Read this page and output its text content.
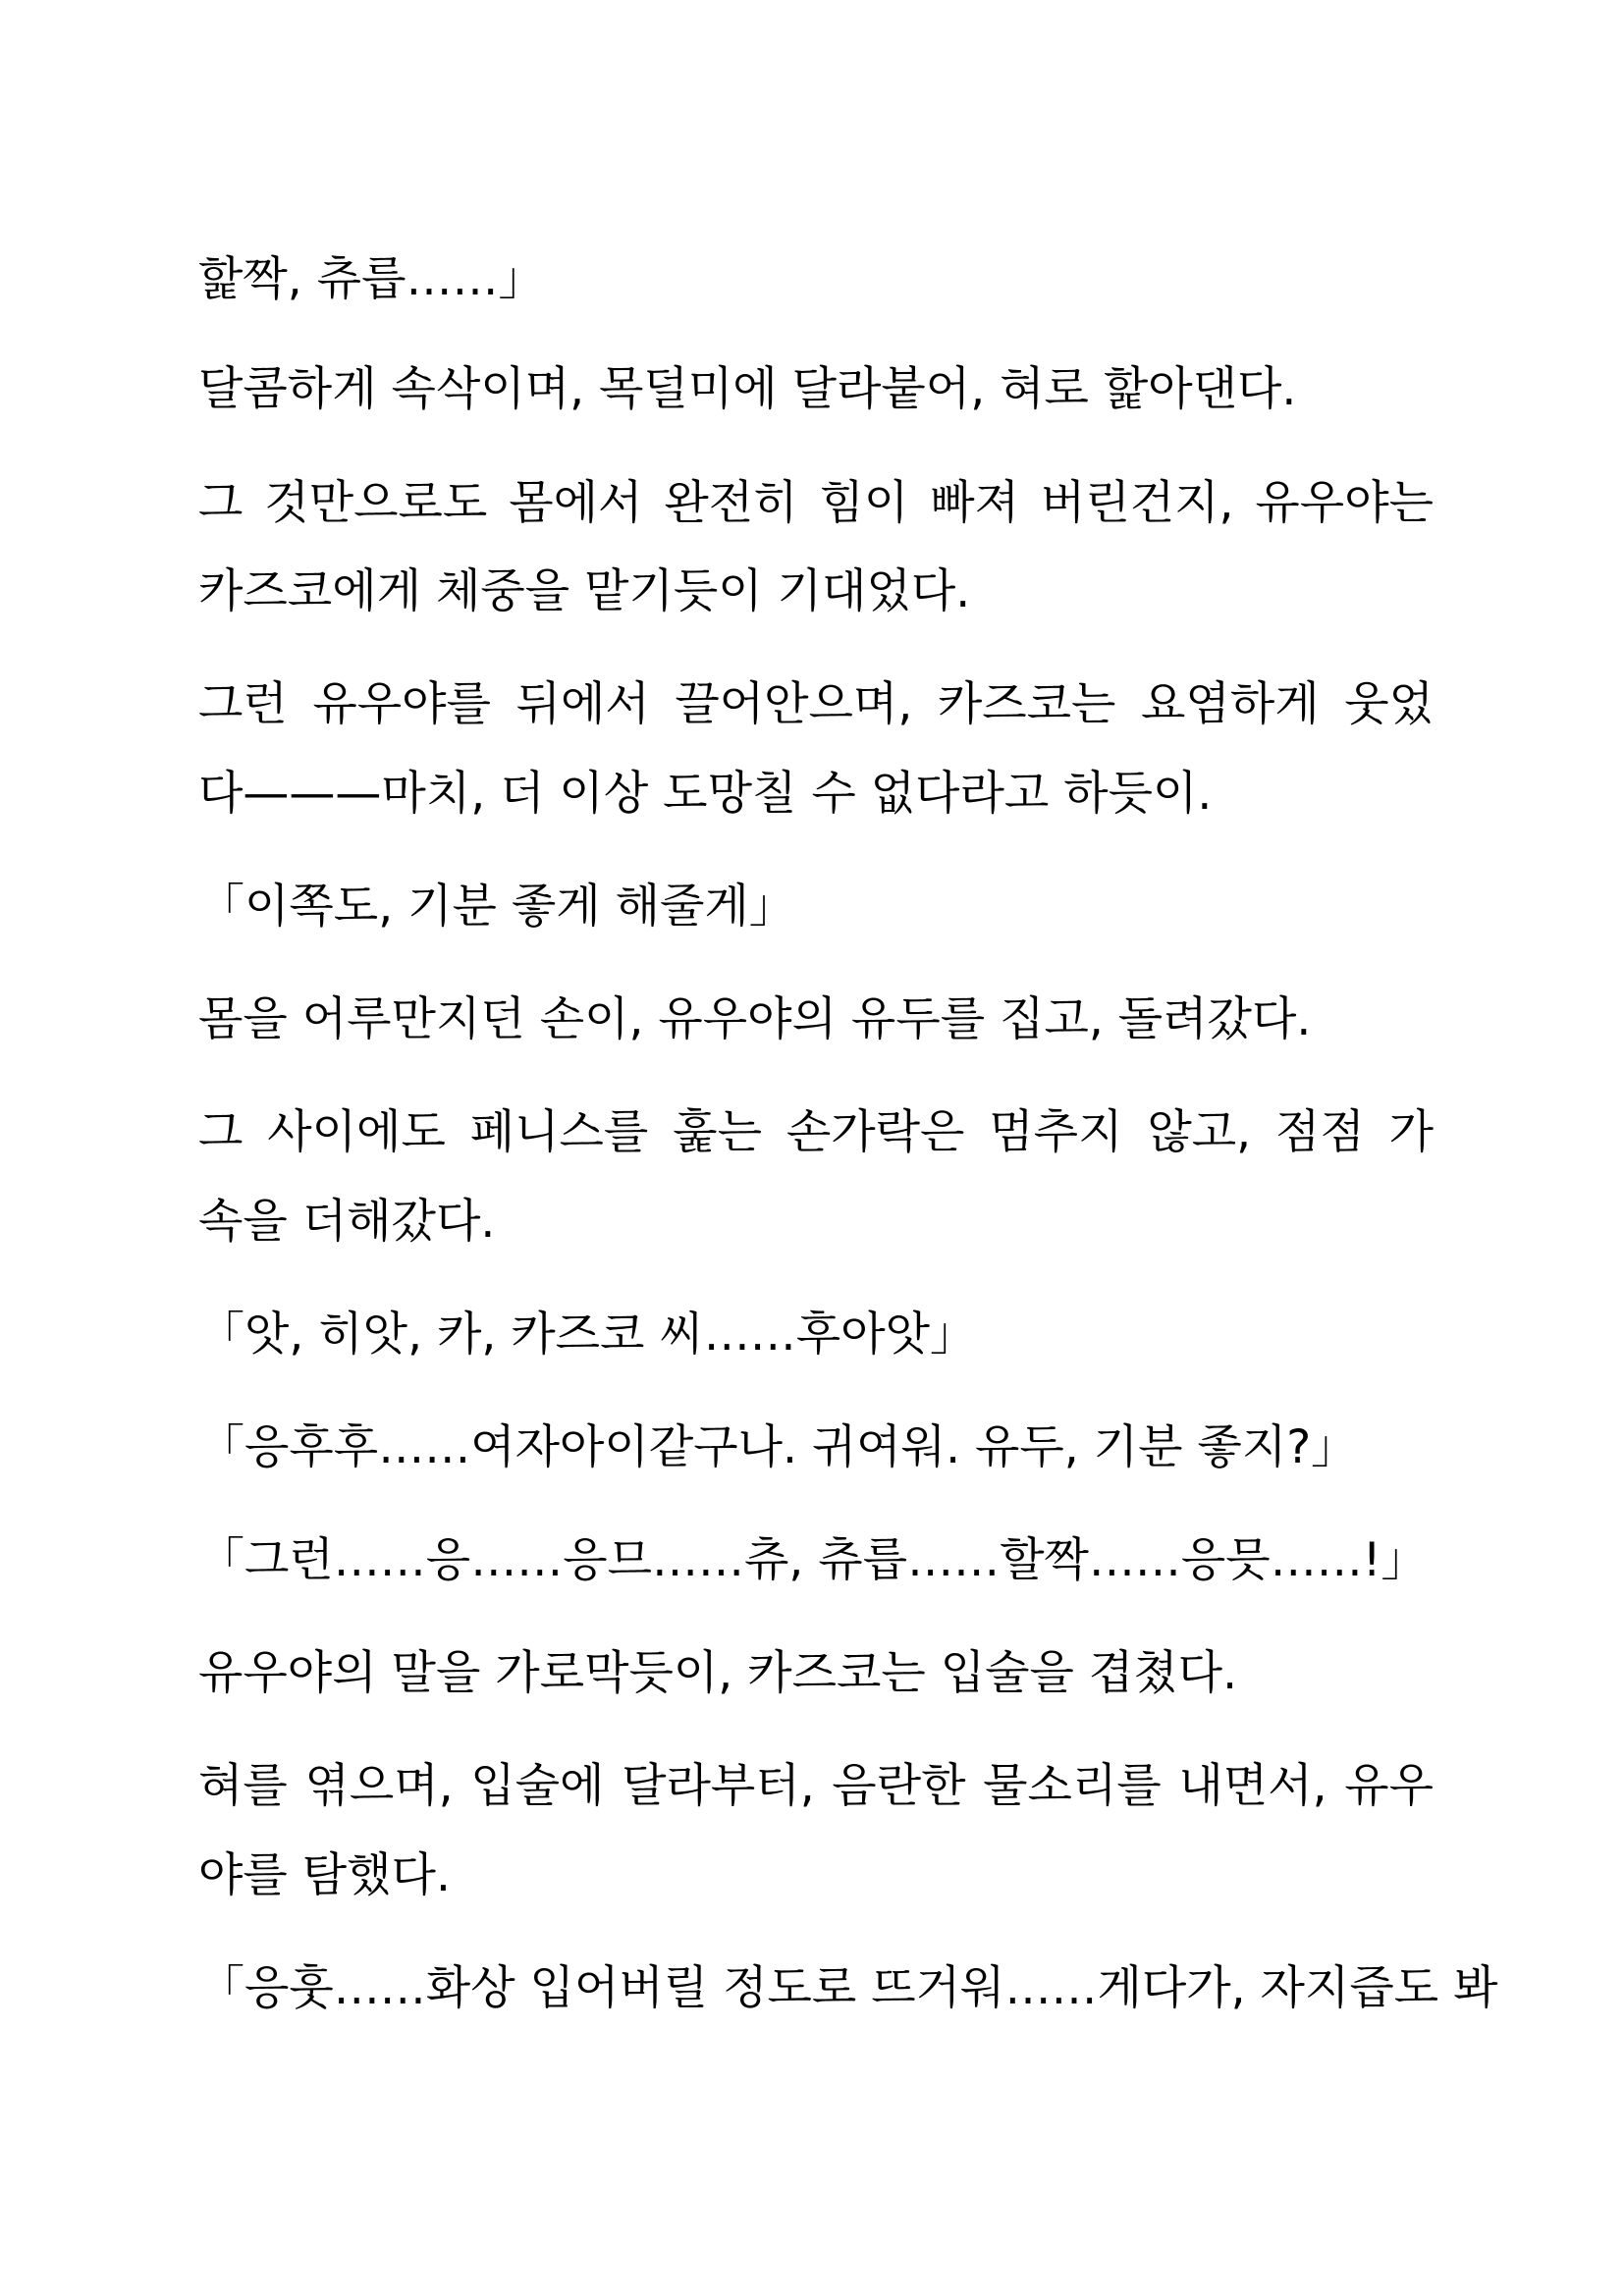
핥짝, 츄릅……」
달콤하게 속삭이며, 목덜미에 달라붙어, 혀로 핥아댄다.
그 것만으로도 몸에서 완전히 힘이 빠져 버린건지, 유우야는
카즈코에게 체중을 맡기듯이 기대었다.
그런 유우야를 뒤에서 끌어안으며, 카즈코는 요염하게 웃었
다———마치, 더 이상 도망칠 수 없다라고 하듯이.
「이쪽도, 기분 좋게 해줄게」
몸을 어루만지던 손이, 유우야의 유두를 집고, 돌려갔다.
그 사이에도 페니스를 훑는 손가락은 멈추지 않고, 점점 가
속을 더해갔다.
「앗, 히앗, 카, 카즈코 씨……후아앗」
「응후후……여자아이같구나. 귀여워. 유두, 기분 좋지?」
「그런……응……응므……츄, 츄릅……할짝……응믓……!」
유우야의 말을 가로막듯이, 카즈코는 입술을 겹쳤다.
혀를 엮으며, 입술에 달라부터, 음란한 물소리를 내면서, 유우
야를 탐했다.
「응훗……화상 입어버릴 정도로 뜨거워……게다가, 자지즙도 봐
